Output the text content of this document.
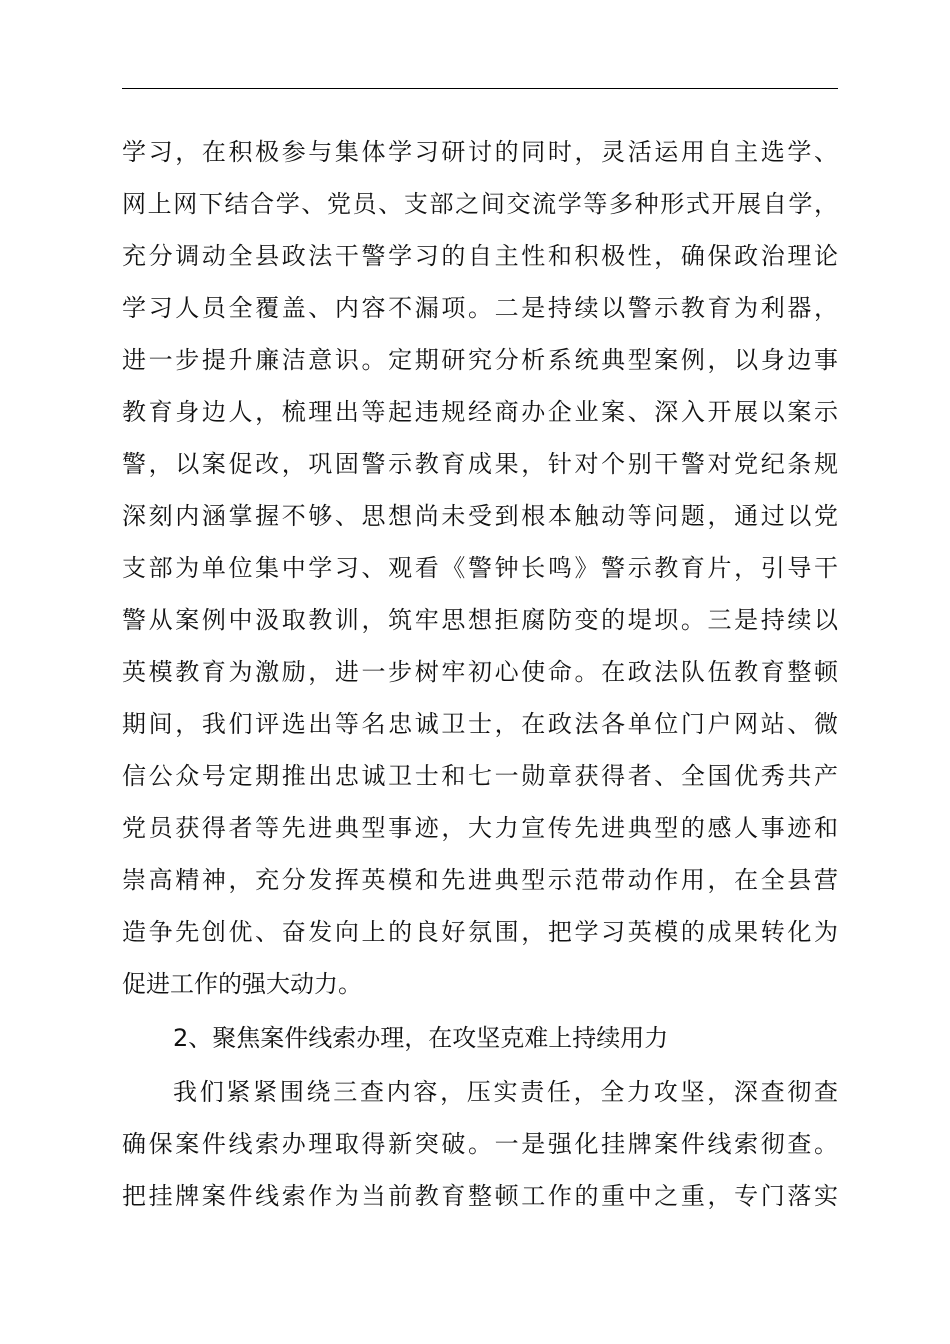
学习，在积极参与集体学习研讨的同时，灵活运用自主选学、
网上网下结合学、党员、支部之间交流学等多种形式开展自学，
充分调动全县政法干警学习的自主性和积极性，确保政治理论
学习人员全覆盖、内容不漏项。二是持续以警示教育为利器，
进一步提升廉洁意识。定期研究分析系统典型案例，以身边事
教育身边人，梳理出等起违规经商办企业案、深入开展以案示
警，以案促改，巩固警示教育成果，针对个别干警对党纪条规
深刻内涵掌握不够、思想尚未受到根本触动等问题，通过以党
支部为单位集中学习、观看《警钟长鸣》警示教育片，引导干
警从案例中汲取教训，筑牢思想拒腐防变的堤坝。三是持续以
英模教育为激励，进一步树牢初心使命。在政法队伍教育整顿
期间，我们评选出等名忠诚卫士，在政法各单位门户网站、微
信公众号定期推出忠诚卫士和七一勋章获得者、全国优秀共产
党员获得者等先进典型事迹，大力宣传先进典型的感人事迹和
崇高精神，充分发挥英模和先进典型示范带动作用，在全县营
造争先创优、奋发向上的良好氛围，把学习英模的成果转化为
促进工作的强大动力。
2、聚焦案件线索办理，在攻坚克难上持续用力
我们紧紧围绕三查内容，压实责任，全力攻坚，深查彻查
确保案件线索办理取得新突破。一是强化挂牌案件线索彻查。
把挂牌案件线索作为当前教育整顿工作的重中之重，专门落实
